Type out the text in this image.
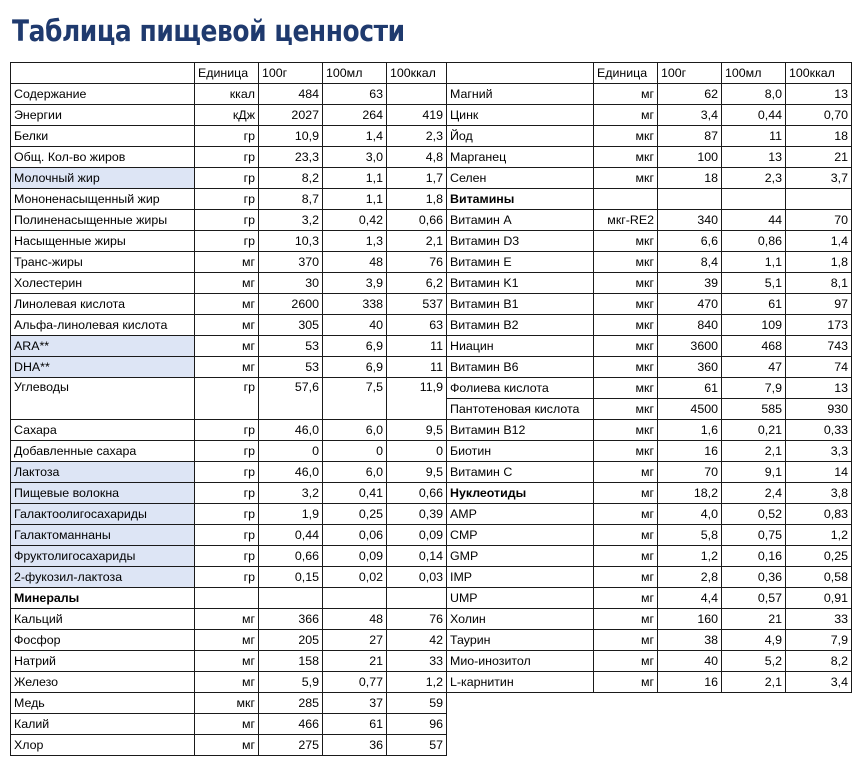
Таблица пищевой ценности
	Единица	100г	100мл	100ккал		Единица	100г	100мл	100ккал
Содержание	ккал	484	63		Магний	мг	62	8,0	13
Энергии	кДж	2027	264	419	Цинк	мг	3,4	0,44	0,70
Белки	гр	10,9	1,4	2,3	Йод	мкг	87	11	18
Общ. Кол-во жиров	гр	23,3	3,0	4,8	Марганец	мкг	100	13	21
Молочный жир	гр	8,2	1,1	1,7	Селен	мкг	18	2,3	3,7
Мононенасыщенный жир	гр	8,7	1,1	1,8	Витамины				
Полиненасыщенные жиры	гр	3,2	0,42	0,66	Витамин A	мкг-RE2	340	44	70
Насыщенные жиры	гр	10,3	1,3	2,1	Витамин D3	мкг	6,6	0,86	1,4
Транс-жиры	мг	370	48	76	Витамин E	мкг	8,4	1,1	1,8
Холестерин	мг	30	3,9	6,2	Витамин K1	мкг	39	5,1	8,1
Линолевая кислота	мг	2600	338	537	Витамин B1	мкг	470	61	97
Альфа-линолевая кислота	мг	305	40	63	Витамин B2	мкг	840	109	173
ARA**	мг	53	6,9	11	Ниацин	мкг	3600	468	743
DHA**	мг	53	6,9	11	Витамин B6	мкг	360	47	74
Углеводы	гр	57,6	7,5	11,9	Фолиева кислота	мкг	61	7,9	13
					Пантотеновая кислота	мкг	4500	585	930
Сахара	гр	46,0	6,0	9,5	Витамин B12	мкг	1,6	0,21	0,33
Добавленные сахара	гр	0	0	0	Биотин	мкг	16	2,1	3,3
Лактоза	гр	46,0	6,0	9,5	Витамин C	мг	70	9,1	14
Пищевые волокна	гр	3,2	0,41	0,66	Нуклеотиды	мг	18,2	2,4	3,8
Галактоолигосахариды	гр	1,9	0,25	0,39	AMP	мг	4,0	0,52	0,83
Галактоманнаны	гр	0,44	0,06	0,09	CMP	мг	5,8	0,75	1,2
Фруктолигосахариды	гр	0,66	0,09	0,14	GMP	мг	1,2	0,16	0,25
2-фукозил-лактоза	гр	0,15	0,02	0,03	IMP	мг	2,8	0,36	0,58
Минералы					UMP	мг	4,4	0,57	0,91
Кальций	мг	366	48	76	Холин	мг	160	21	33
Фосфор	мг	205	27	42	Таурин	мг	38	4,9	7,9
Натрий	мг	158	21	33	Мио-инозитол	мг	40	5,2	8,2
Железо	мг	5,9	0,77	1,2	L-карнитин	мг	16	2,1	3,4
Медь	мкг	285	37	59					
Калий	мг	466	61	96					
Хлор	мг	275	36	57					
